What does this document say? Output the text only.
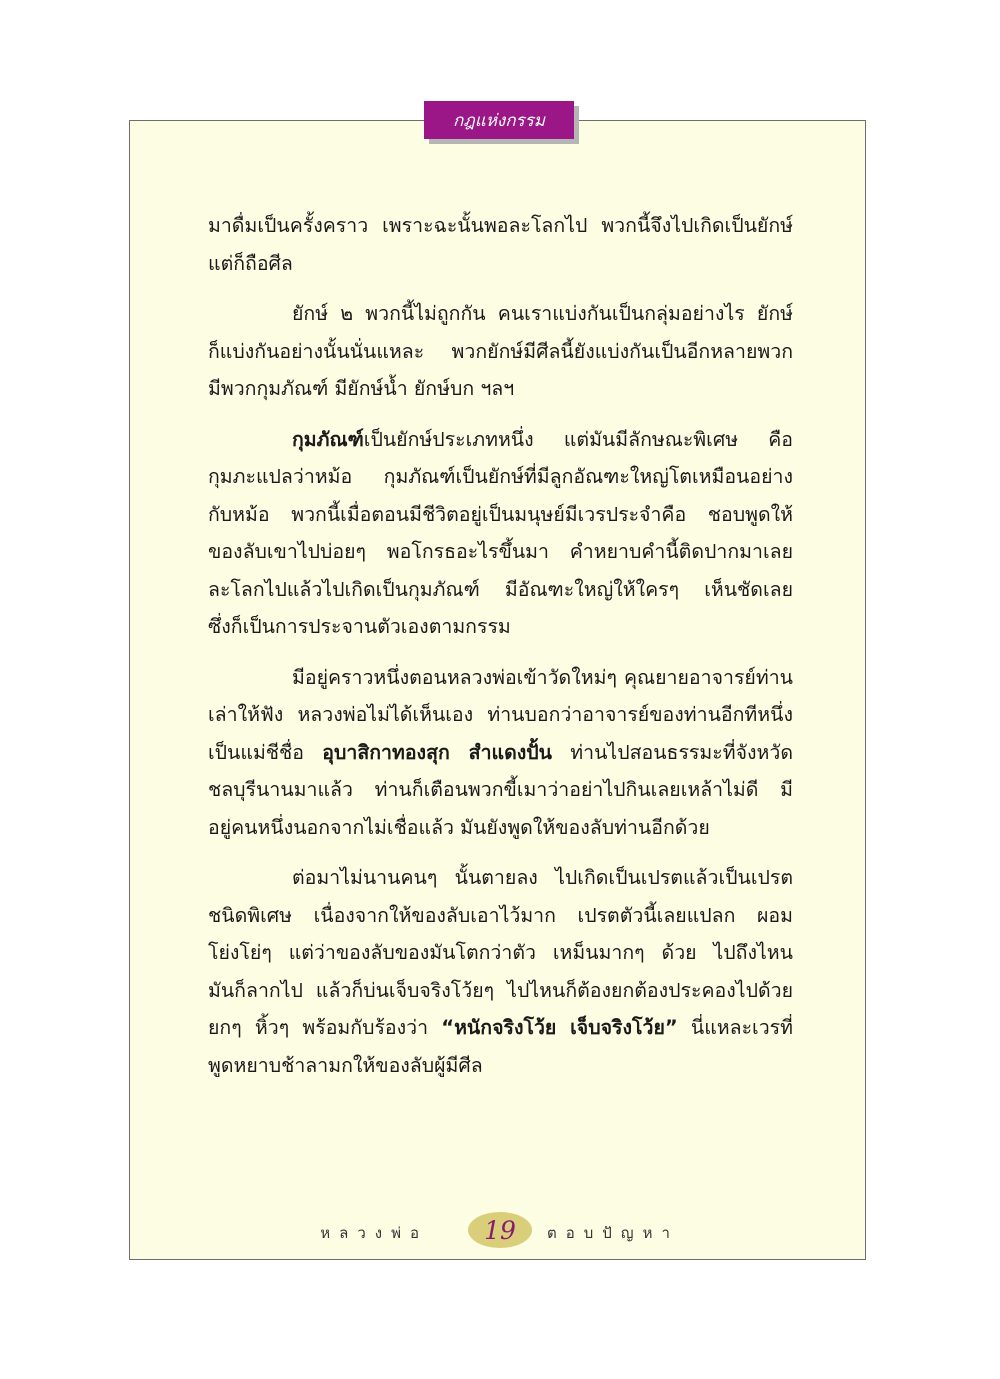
กฎแห่งกรรม

มาดื่มเป็นครั้งคราว เพราะฉะนั้นพอละโลกไป พวกนี้จึงไปเกิดเป็นยักษ์
แต่ก็ถือศีล

ยักษ์ ๒ พวกนี้ไม่ถูกกัน คนเราแบ่งกันเป็นกลุ่มอย่างไร ยักษ์
ก็แบ่งกันอย่างนั้นนั่นแหละ พวกยักษ์มีศีลนี้ยังแบ่งกันเป็นอีกหลายพวก
มีพวกกุมภัณฑ์ มียักษ์น้ำ ยักษ์บก ฯลฯ

กุมภัณฑ์เป็นยักษ์ประเภทหนึ่ง แต่มันมีลักษณะพิเศษ คือ
กุมภะแปลว่าหม้อ กุมภัณฑ์เป็นยักษ์ที่มีลูกอัณฑะใหญ่โตเหมือนอย่าง
กับหม้อ พวกนี้เมื่อตอนมีชีวิตอยู่เป็นมนุษย์มีเวรประจำคือ ชอบพูดให้
ของลับเขาไปบ่อยๆ พอโกรธอะไรขึ้นมา คำหยาบคำนี้ติดปากมาเลย
ละโลกไปแล้วไปเกิดเป็นกุมภัณฑ์ มีอัณฑะใหญ่ให้ใครๆ เห็นชัดเลย
ซึ่งก็เป็นการประจานตัวเองตามกรรม

มีอยู่คราวหนึ่งตอนหลวงพ่อเข้าวัดใหม่ๆ คุณยายอาจารย์ท่าน
เล่าให้ฟัง หลวงพ่อไม่ได้เห็นเอง ท่านบอกว่าอาจารย์ของท่านอีกทีหนึ่ง
เป็นแม่ชีชื่อ อุบาสิกาทองสุก สำแดงปั้น ท่านไปสอนธรรมะที่จังหวัด
ชลบุรีนานมาแล้ว ท่านก็เตือนพวกขี้เมาว่าอย่าไปกินเลยเหล้าไม่ดี มี
อยู่คนหนึ่งนอกจากไม่เชื่อแล้ว มันยังพูดให้ของลับท่านอีกด้วย

ต่อมาไม่นานคนๆ นั้นตายลง ไปเกิดเป็นเปรตแล้วเป็นเปรต
ชนิดพิเศษ เนื่องจากให้ของลับเอาไว้มาก เปรตตัวนี้เลยแปลก ผอม
โย่งโย่ๆ แต่ว่าของลับของมันโตกว่าตัว เหม็นมากๆ ด้วย ไปถึงไหน
มันก็ลากไป แล้วก็บ่นเจ็บจริงโว้ยๆ ไปไหนก็ต้องยกต้องประคองไปด้วย
ยกๆ หิ้วๆ พร้อมกับร้องว่า “หนักจริงโว้ย เจ็บจริงโว้ย” นี่แหละเวรที่
พูดหยาบช้าลามกให้ของลับผู้มีศีล

หลวงพ่อ 19 ตอบปัญหา
